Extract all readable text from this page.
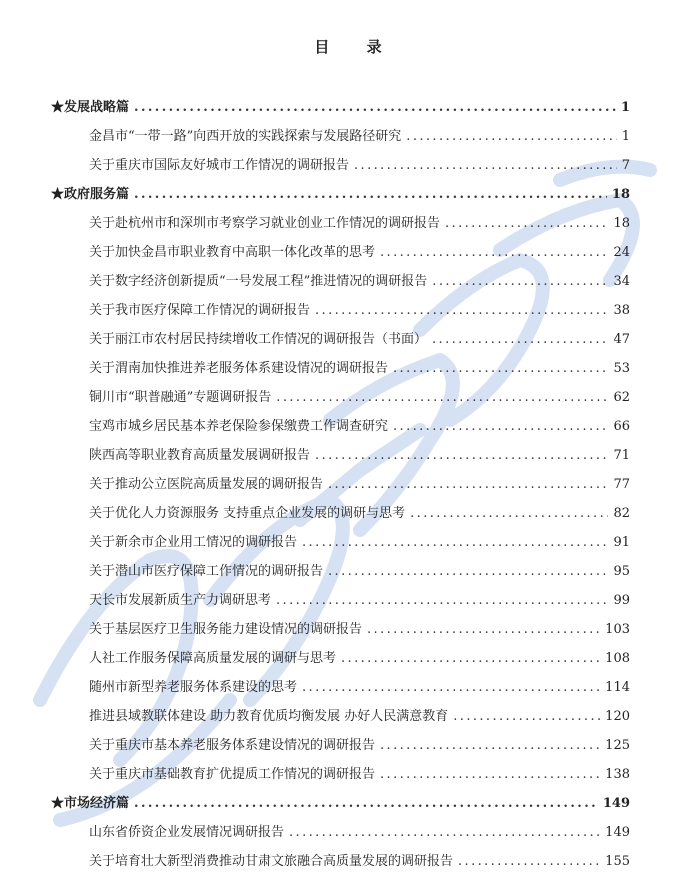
目 录
★发展战略篇 .....	1
金昌市“一带一路”向西开放的实践探索与发展路径研究 .....	1
关于重庆市国际友好城市工作情况的调研报告 .....	7
★政府服务篇 .....	18
关于赴杭州市和深圳市考察学习就业创业工作情况的调研报告 .....	18
关于加快金昌市职业教育中高职一体化改革的思考 .....	24
关于数字经济创新提质“一号发展工程”推进情况的调研报告 .....	34
关于我市医疗保障工作情况的调研报告 .....	38
关于丽江市农村居民持续增收工作情况的调研报告（书面） .....	47
关于渭南加快推进养老服务体系建设情况的调研报告 .....	53
铜川市“职普融通”专题调研报告 .....	62
宝鸡市城乡居民基本养老保险参保缴费工作调查研究 .....	66
陕西高等职业教育高质量发展调研报告 .....	71
关于推动公立医院高质量发展的调研报告 .....	77
关于优化人力资源服务 支持重点企业发展的调研与思考 .....	82
关于新余市企业用工情况的调研报告 .....	91
关于潜山市医疗保障工作情况的调研报告 .....	95
天长市发展新质生产力调研思考 .....	99
关于基层医疗卫生服务能力建设情况的调研报告 .....	103
人社工作服务保障高质量发展的调研与思考 .....	108
随州市新型养老服务体系建设的思考 .....	114
推进县域教联体建设 助力教育优质均衡发展 办好人民满意教育 .....	120
关于重庆市基本养老服务体系建设情况的调研报告 .....	125
关于重庆市基础教育扩优提质工作情况的调研报告 .....	138
★市场经济篇 .....	149
山东省侨资企业发展情况调研报告 .....	149
关于培育壮大新型消费推动甘肃文旅融合高质量发展的调研报告 .....	155
